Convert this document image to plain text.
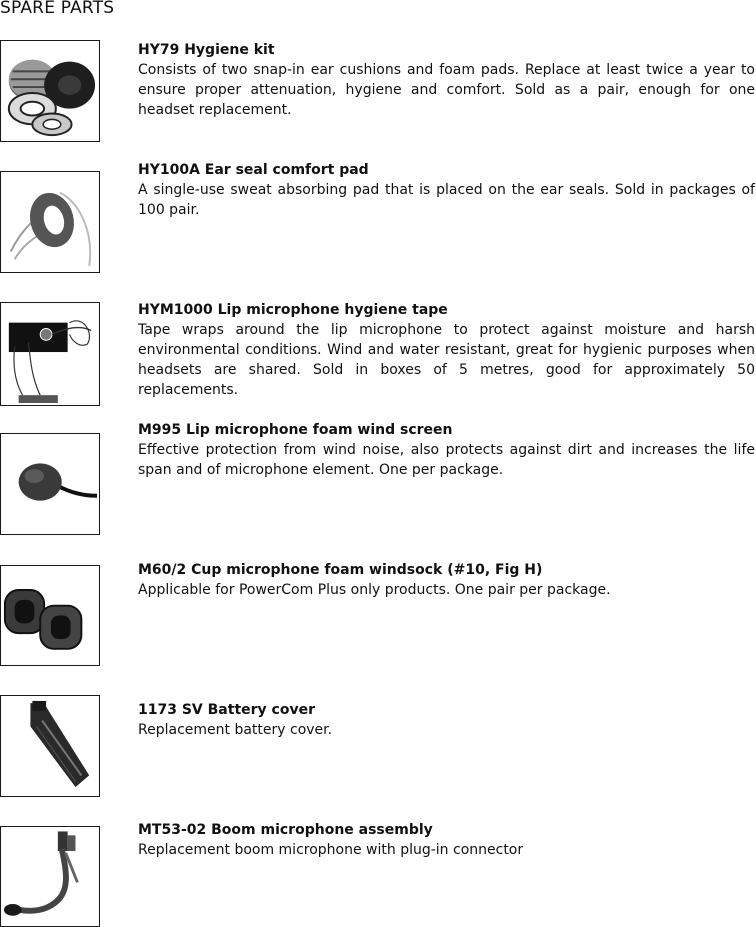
SPARE PARTS

HY79 Hygiene kit

Consists of two snap-in ear cushions and foam pads. Replace at least twice a year to ensure proper attenuation, hygiene and comfort. Sold as a pair, enough for one headset replacement.

HY100A Ear seal comfort pad

A single-use sweat absorbing pad that is placed on the ear seals. Sold in packages of 100 pair.

HYM1000 Lip microphone hygiene tape

Tape wraps around the lip microphone to protect against moisture and harsh environmental conditions. Wind and water resistant, great for hygienic purposes when headsets are shared. Sold in boxes of 5 metres, good for approximately 50 replacements.

M995 Lip microphone foam wind screen

Effective protection from wind noise, also protects against dirt and increases the life span and of microphone element. One per package.

M60/2 Cup microphone foam windsock (#10, Fig H)

Applicable for PowerCom Plus only products. One pair per package.

1173 SV Battery cover

Replacement battery cover.

MT53-02 Boom microphone assembly

Replacement boom microphone with plug-in connector
